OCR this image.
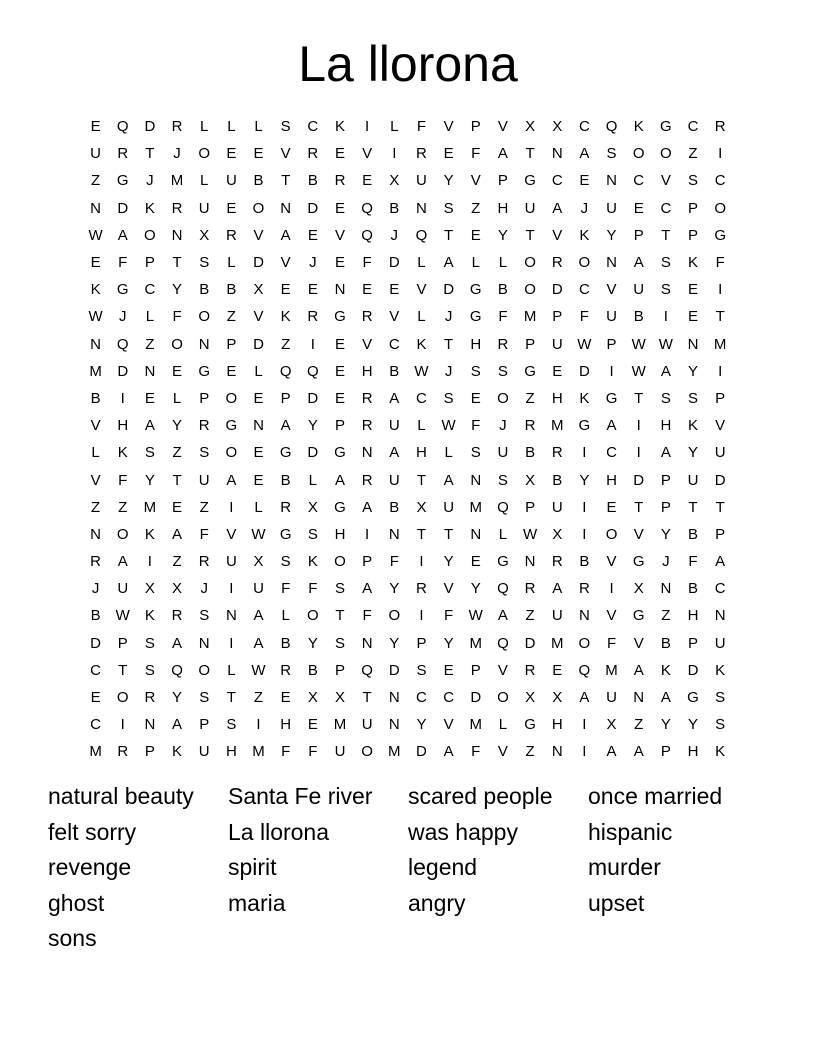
La llorona
E	Q	D	R	L	L	L	S	C	K	I	L	F	V	P	V	X	X	C	Q	K	G	C	R
U	R	T	J	O	E	E	V	R	E	V	I	R	E	F	A	T	N	A	S	O	O	Z	I
Z	G	J	M	L	U	B	T	B	R	E	X	U	Y	V	P	G	C	E	N	C	V	S	C
N	D	K	R	U	E	O	N	D	E	Q	B	N	S	Z	H	U	A	J	U	E	C	P	O
W	A	O	N	X	R	V	A	E	V	Q	J	Q	T	E	Y	T	V	K	Y	P	T	P	G
E	F	P	T	S	L	D	V	J	E	F	D	L	A	L	L	O	R	O	N	A	S	K	F
K	G	C	Y	B	B	X	E	E	N	E	E	V	D	G	B	O	D	C	V	U	S	E	I
W	J	L	F	O	Z	V	K	R	G	R	V	L	J	G	F	M	P	F	U	B	I	E	T
N	Q	Z	O	N	P	D	Z	I	E	V	C	K	T	H	R	P	U W	P	W W N	M
M	D	N	E	G	E	L	Q	Q	E	H	B	W	J	S	S	G	E	D	I	W	A	Y	I
B	I	E	L	P	O	E	P	D	E	R	A	C	S	E	O	Z	H	K	G	T	S	S	P
V	H	A	Y	R	G	N	A	Y	P	R	U	L	W	F	J	R	M	G	A	I	H	K	V
L	K	S	Z	S	O	E	G	D	G	N	A	H	L	S	U	B	R	I	C	I	A	Y	U
V	F	Y	T	U	A	E	B	L	A	R	U	T	A	N	S	X	B	Y	H	D	P	U	D
Z	Z	M	E	Z	I	L	R	X	G	A	B	X	U	M	Q	P	U	I	E	T	P	T	T
N	O	K	A	F	V	W G	S	H	I	N	T	T	N	L	W	X	I	O	V	Y	B	P
R	A	I	Z	R	U	X	S	K	O	P	F	I	Y	E	G	N	R	B	V	G	J	F	A
J	U	X	X	J	I	U	F	F	S	A	Y	R	V	Y	Q	R	A	R	I	X	N	B	C
B	W	K	R	S	N	A	L	O	T	F	O	I	F	W	A	Z	U	N	V	G	Z	H	N
D	P	S	A	N	I	A	B	Y	S	N	Y	P	Y	M	Q	D	M	O	F	V	B	P	U
C	T	S	Q	O	L	W R	B	P	Q	D	S	E	P	V	R	E	Q	M	A	K	D	K
E	O	R	Y	S	T	Z	E	X	X	T	N	C	C	D	O	X	X	A	U	N	A	G	S
C	I	N	A	P	S	I	H	E	M	U	N	Y	V	M	L	G	H	I	X	Z	Y	Y	S
M	R	P	K	U	H	M	F	F	U	O	M	D	A	F	V	Z	N	I	A	A	P	H	K
natural beauty	Santa Fe river	scared people	once married
felt sorry	La llorona	was happy	hispanic
revenge	spirit	legend	murder
ghost	maria	angry	upset
sons
